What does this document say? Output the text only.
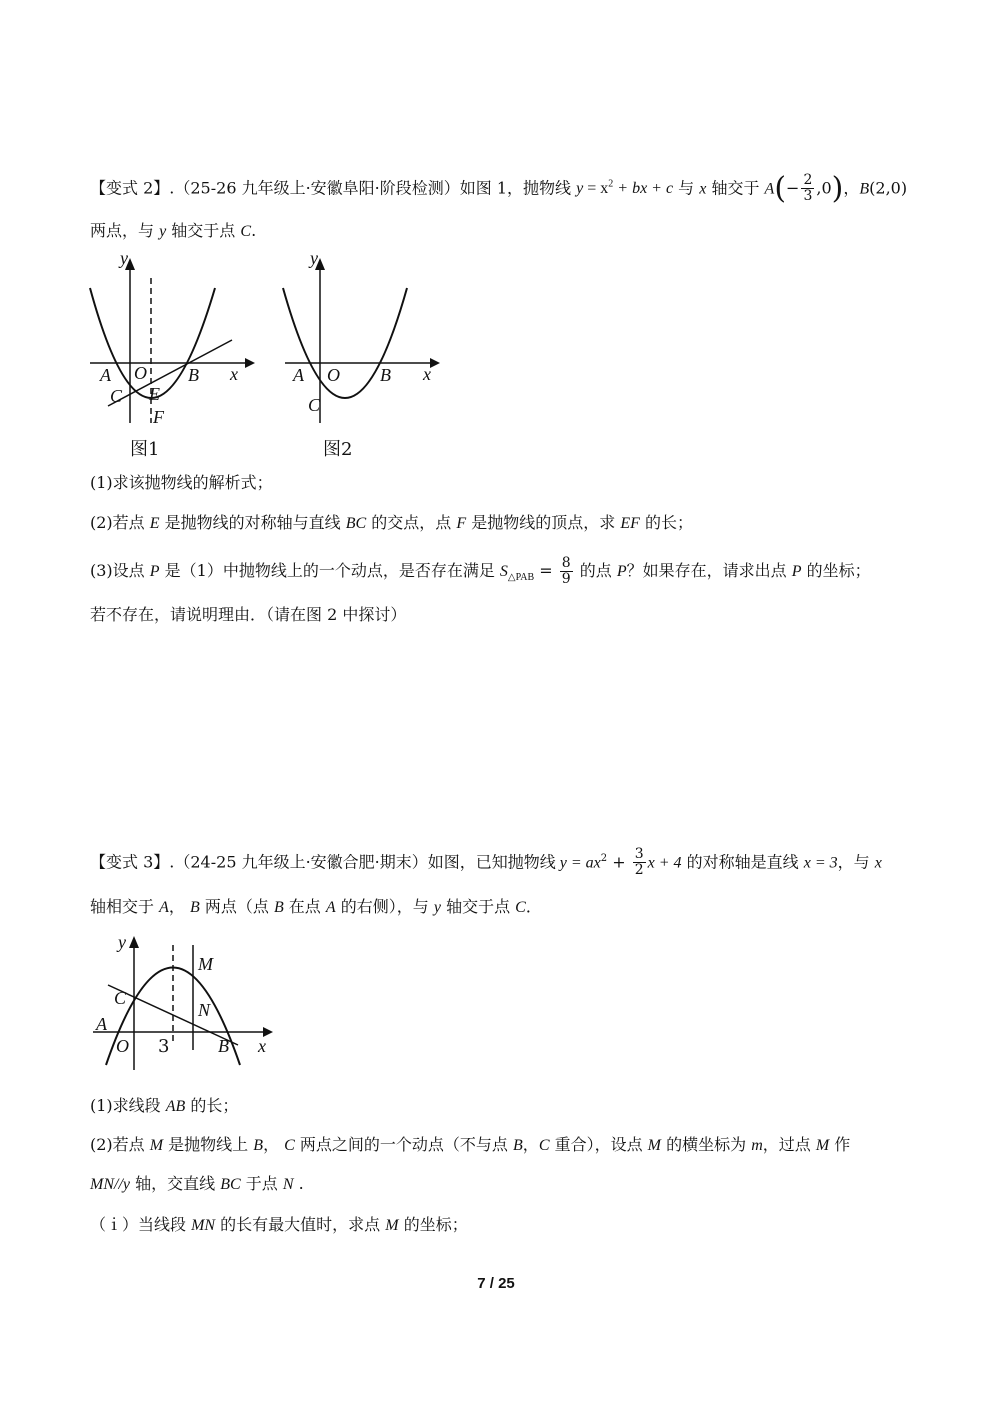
【变式 2】.（25-26 九年级上·安徽阜阳·阶段检测）如图 1，抛物线 $y = x^2$ + bx + c 与 x 轴交于 $A(- \frac{2}{3} ,0)$，B(2,0)
两点，与 y 轴交于点 C.
y
x
A O B
C E
F
图1
y
x
A O B
C
图2
(1)求该抛物线的解析式；
(2)若点 E 是抛物线的对称轴与直线 BC 的交点，点 F 是抛物线的顶点，求 EF 的长；
(3)设点 P 是（1）中抛物线上的一个动点，是否存在满足 $S_{\triangle PAB} = \frac{8}{9}$ 的点 P？如果存在，请求出点 P 的坐标；
若不存在，请说明理由．（请在图 2 中探讨）
【变式 3】.（24-25 九年级上·安徽合肥·期末）如图，已知抛物线 $y = ax^2 + \frac{3}{2}$ x + 4 的对称轴是直线 x = 3，与 x
轴相交于 A， B 两点（点 B 在点 A 的右侧），与 y 轴交于点 C．
y
x
A
O 3	B
C
M
N
(1)求线段 AB 的长；
(2)若点 M 是抛物线上 B， C 两点之间的一个动点（不与点 B，C 重合），设点 M 的横坐标为 m，过点 M 作
MN//y 轴，交直线 BC 于点 N .
（ｉ）当线段 MN 的长有最大值时，求点 M 的坐标；
7 / 25
